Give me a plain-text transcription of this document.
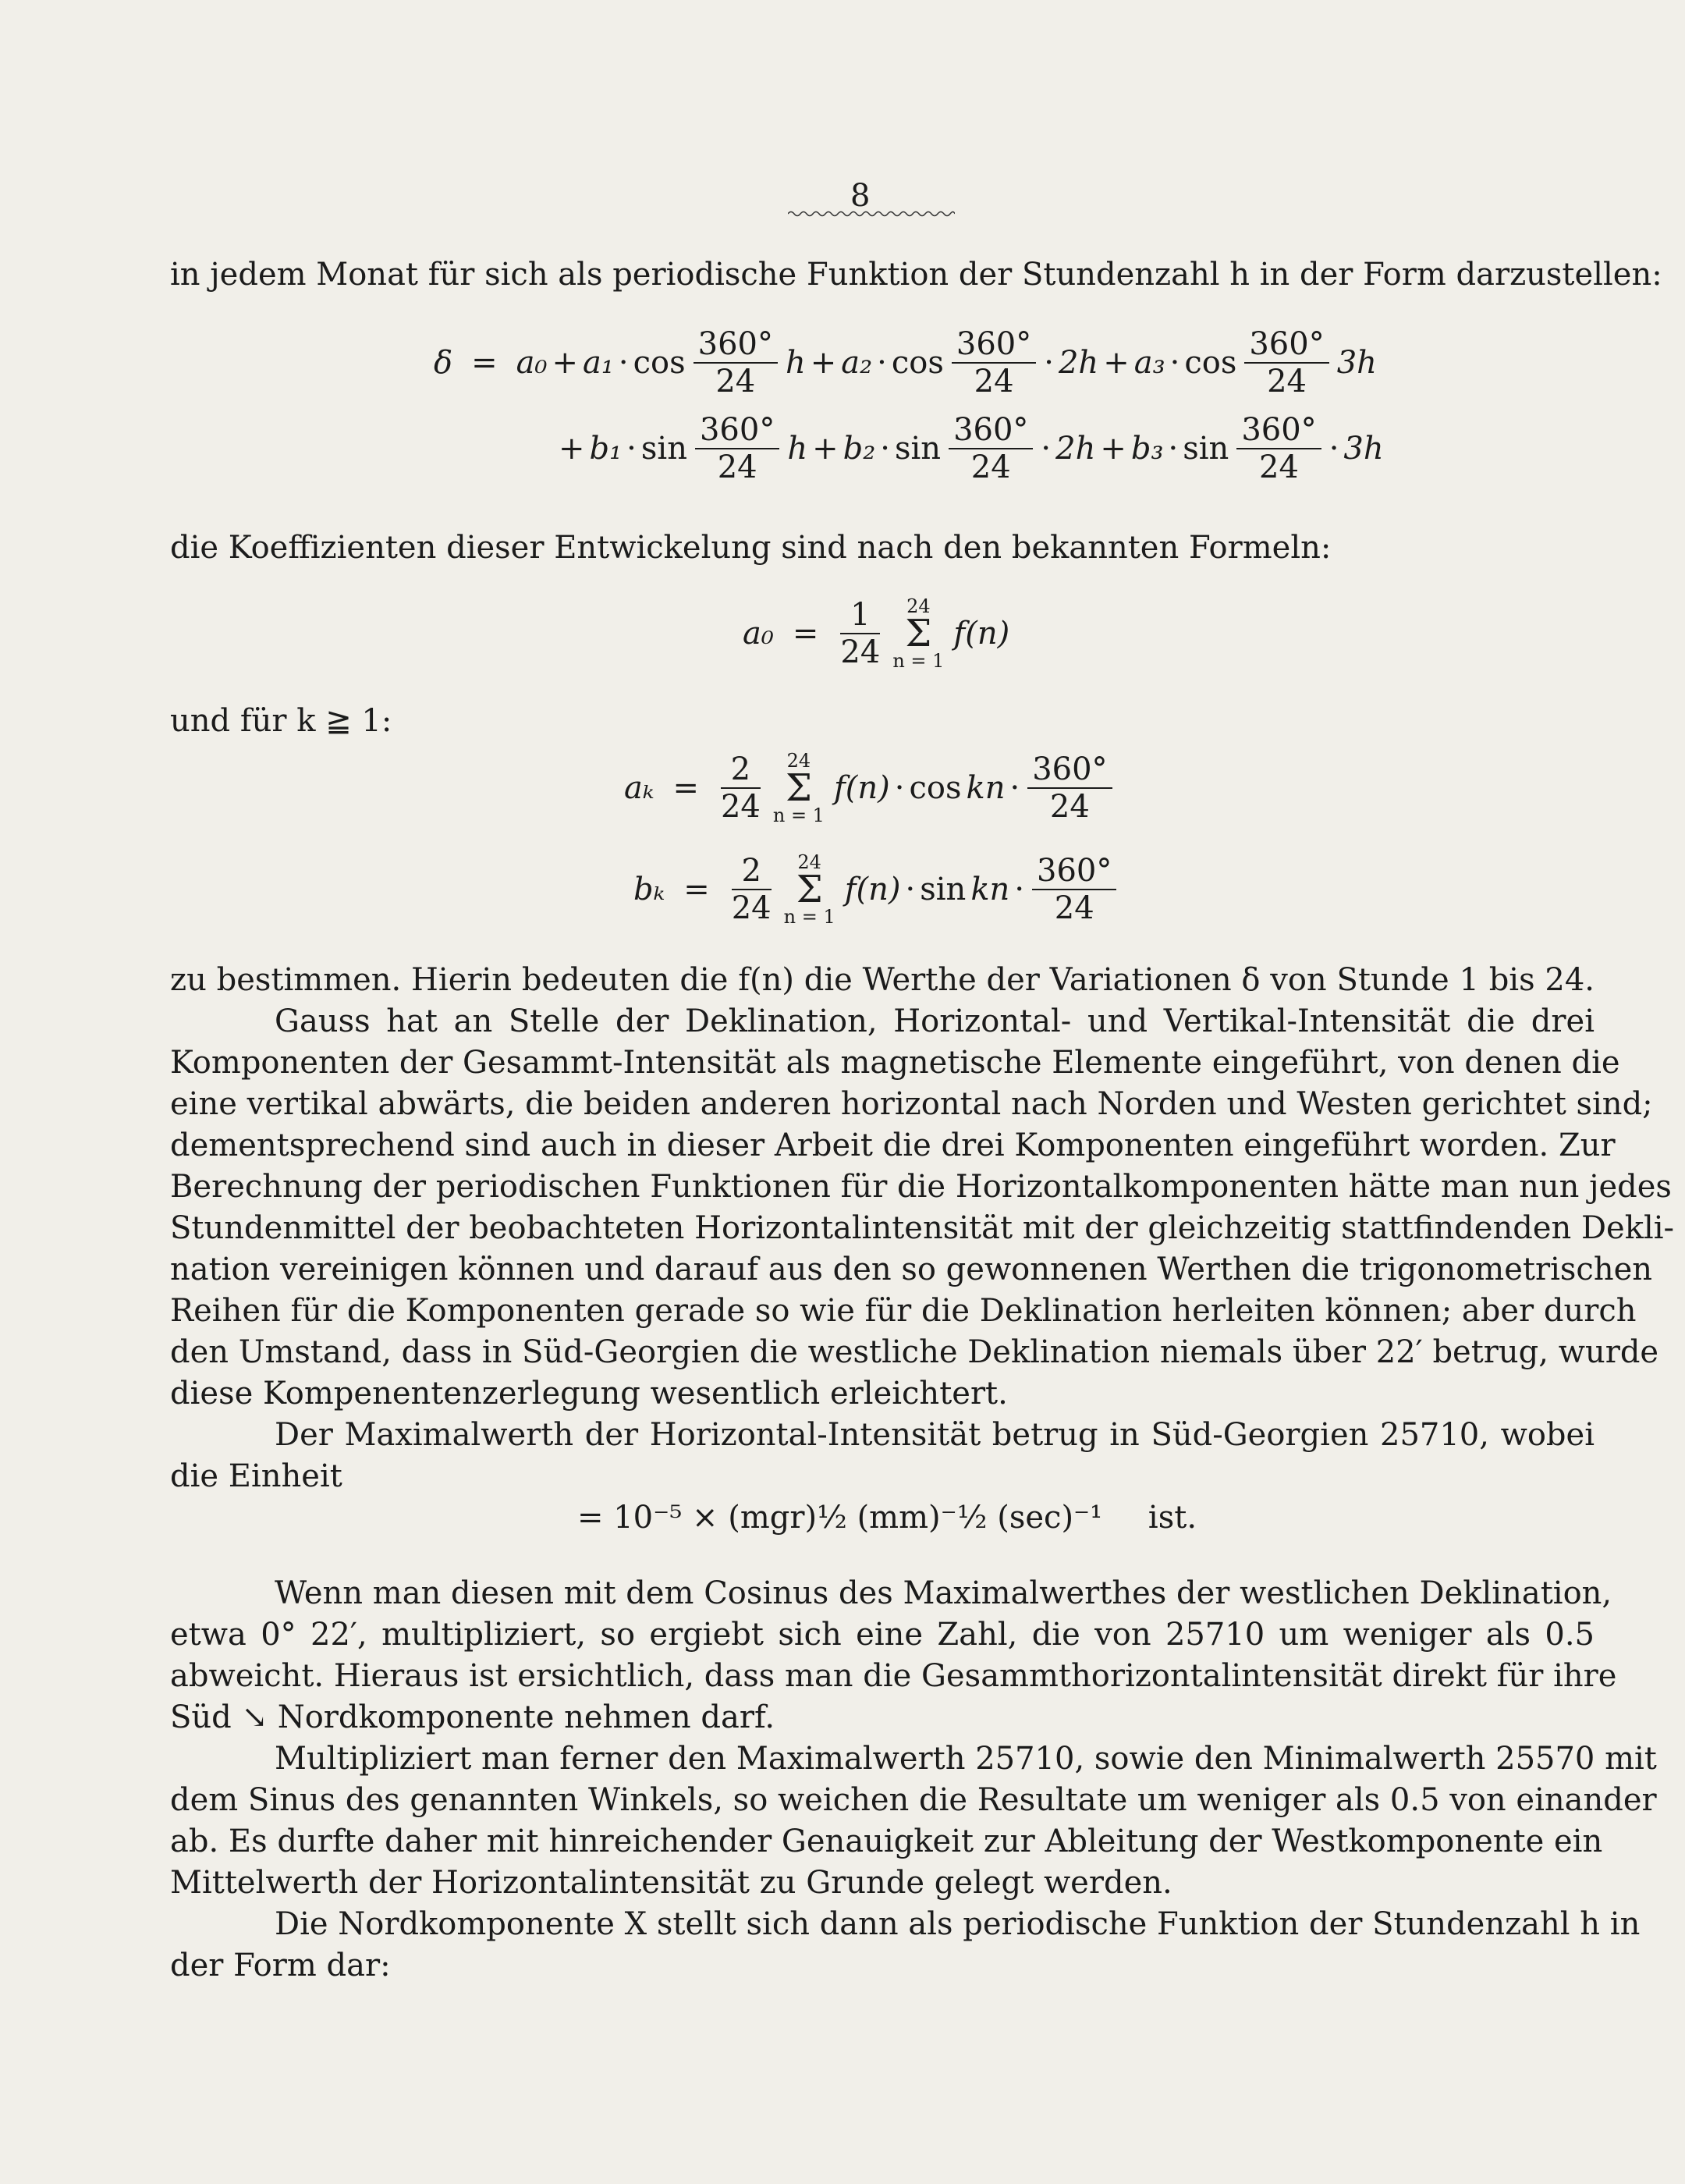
8
in jedem Monat für sich als periodische Funktion der Stundenzahl h in der Form darzustellen:
$\delta = a_0 + a_1 \cdot \cos \frac{360^\circ}{24}$ $h + a_2 \cdot \cos \frac{360^\circ}{24} \cdot 2h + a_3 \cdot \cos \frac{360^\circ}{24} 3h$
+ $b_1 \cdot \sin \frac{360^\circ}{24}$ $h + b_2 \cdot \sin \frac{360^\circ}{24} \cdot 2h + b_3 \cdot \sin \frac{360^\circ}{24} \cdot 3h$
die Koeffizienten dieser Entwickelung sind nach den bekannten Formeln:
$a_0 = \frac{1}{24}$	24
Σ
n = 1
f(n)
und für k ≧ 1:
$a_k = \frac{2}{24}$	24
Σ
n = 1
f(n) · cos kn · $\frac{360^\circ}{24}$
$b_k = \frac{2}{24}$	24
Σ
n = 1
f(n) · sin kn · $\frac{360^\circ}{24}$
zu bestimmen. Hierin bedeuten die f(n) die Werthe der Variationen δ von Stunde 1 bis 24.
Gauss hat an Stelle der Deklination, Horizontal- und Vertikal-Intensität die drei
Komponenten der Gesammt-Intensität als magnetische Elemente eingeführt, von denen die
eine vertikal abwärts, die beiden anderen horizontal nach Norden und Westen gerichtet sind;
dementsprechend sind auch in dieser Arbeit die drei Komponenten eingeführt worden. Zur
Berechnung der periodischen Funktionen für die Horizontalkomponenten hätte man nun jedes
Stundenmittel der beobachteten Horizontalintensität mit der gleichzeitig stattfindenden Dekli-
nation vereinigen können und darauf aus den so gewonnenen Werthen die trigonometrischen
Reihen für die Komponenten gerade so wie für die Deklination herleiten können; aber durch
den Umstand, dass in Süd-Georgien die westliche Deklination niemals über 22′ betrug, wurde
diese Kompenentenzerlegung wesentlich erleichtert.
Der Maximalwerth der Horizontal-Intensität betrug in Süd-Georgien 25710, wobei
die Einheit
= 10⁻⁵ × (mgr)½ (mm)⁻½ (sec)⁻¹ ist.
Wenn man diesen mit dem Cosinus des Maximalwerthes der westlichen Deklination,
etwa 0° 22′, multipliziert, so ergiebt sich eine Zahl, die von 25710 um weniger als 0.5
abweicht. Hieraus ist ersichtlich, dass man die Gesammthorizontalintensität direkt für ihre
Süd ↘ Nordkomponente nehmen darf.
Multipliziert man ferner den Maximalwerth 25710, sowie den Minimalwerth 25570 mit
dem Sinus des genannten Winkels, so weichen die Resultate um weniger als 0.5 von einander
ab. Es durfte daher mit hinreichender Genauigkeit zur Ableitung der Westkomponente ein
Mittelwerth der Horizontalintensität zu Grunde gelegt werden.
Die Nordkomponente X stellt sich dann als periodische Funktion der Stundenzahl h in
der Form dar:
